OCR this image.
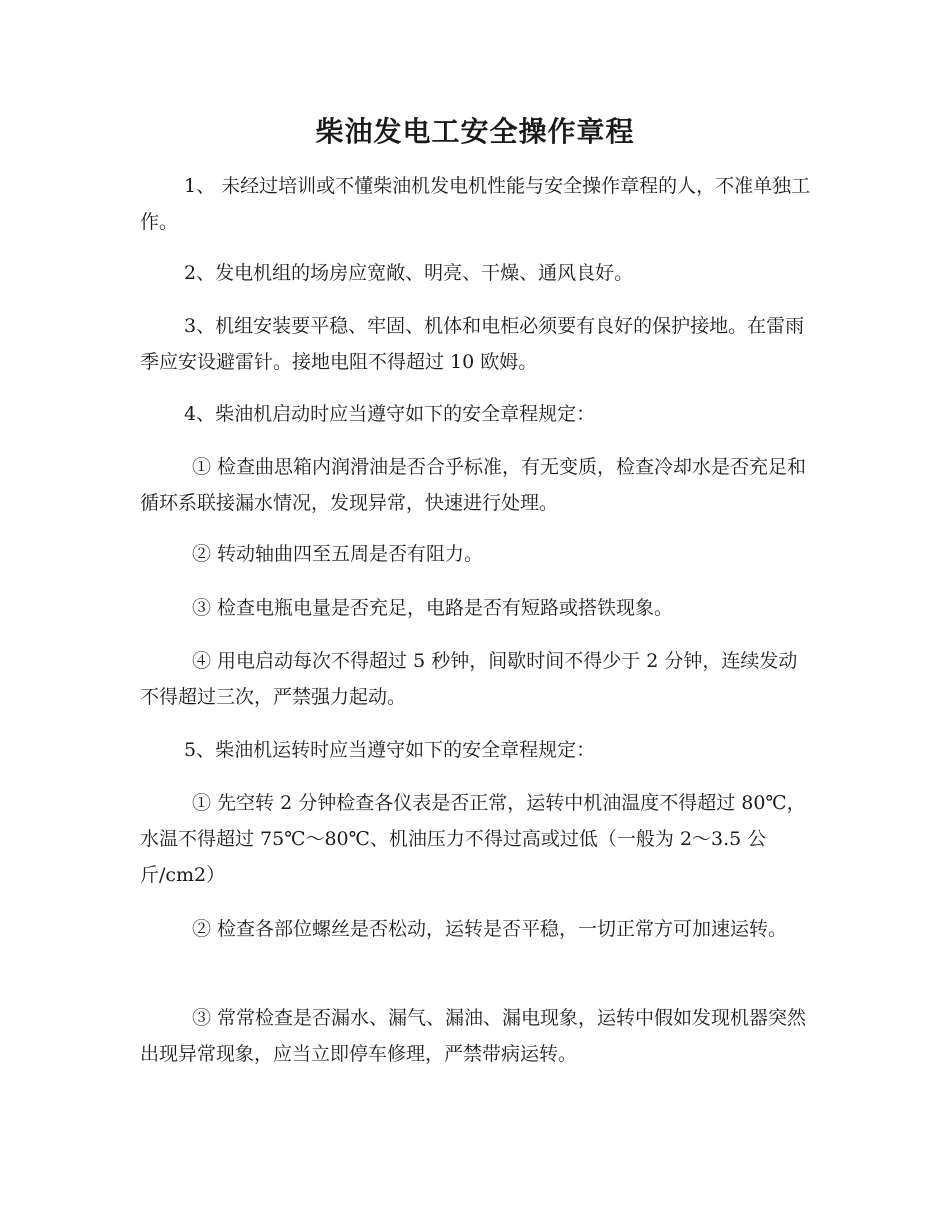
柴油发电工安全操作章程

1、 未经过培训或不懂柴油机发电机性能与安全操作章程的人，不准单独工作。

2、发电机组的场房应宽敞、明亮、干燥、通风良好。

3、机组安装要平稳、牢固、机体和电柜必须要有良好的保护接地。在雷雨季应安设避雷针。接地电阻不得超过 10 欧姆。

4、柴油机启动时应当遵守如下的安全章程规定：

① 检查曲思箱内润滑油是否合乎标准，有无变质，检查冷却水是否充足和循环系联接漏水情况，发现异常，快速进行处理。

② 转动轴曲四至五周是否有阻力。

③ 检查电瓶电量是否充足，电路是否有短路或搭铁现象。

④ 用电启动每次不得超过 5 秒钟，间歇时间不得少于 2 分钟，连续发动不得超过三次，严禁强力起动。

5、柴油机运转时应当遵守如下的安全章程规定：

① 先空转 2 分钟检查各仪表是否正常，运转中机油温度不得超过 80℃，水温不得超过 75℃～80℃、机油压力不得过高或过低（一般为 2～3.5 公斤/cm2）

② 检查各部位螺丝是否松动，运转是否平稳，一切正常方可加速运转。

③ 常常检查是否漏水、漏气、漏油、漏电现象，运转中假如发现机器突然出现异常现象，应当立即停车修理，严禁带病运转。
